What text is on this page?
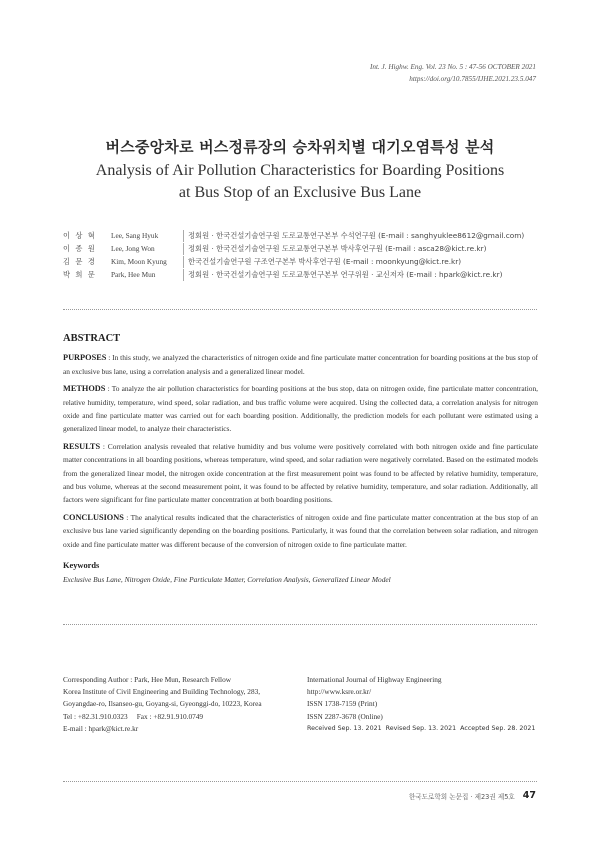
Int. J. Highw. Eng. Vol. 23 No. 5 : 47-56 OCTOBER 2021
https://doi.org/10.7855/IJHE.2021.23.5.047
버스중앙차로 버스정류장의 승차위치별 대기오염특성 분석
Analysis of Air Pollution Characteristics for Boarding Positions
at Bus Stop of an Exclusive Bus Lane
이 상 혁	Lee, Sang Hyuk	정회원 · 한국건설기술연구원 도로교통연구본부 수석연구원 (E-mail : sanghyuklee8612@gmail.com)
이 종 원	Lee, Jong Won	정회원 · 한국건설기술연구원 도로교통연구본부 박사후연구원 (E-mail : asca28@kict.re.kr)
김 문 경	Kim, Moon Kyung	한국건설기술연구원 구조연구본부 박사후연구원 (E-mail : moonkyung@kict.re.kr)
박 희 문	Park, Hee Mun	정회원 · 한국건설기술연구원 도로교통연구본부 연구위원 · 교신저자 (E-mail : hpark@kict.re.kr)
ABSTRACT

PURPOSES : In this study, we analyzed the characteristics of nitrogen oxide and fine particulate matter concentration for boarding positions at the bus stop of an exclusive bus lane, using a correlation analysis and a generalized linear model.

METHODS : To analyze the air pollution characteristics for boarding positions at the bus stop, data on nitrogen oxide, fine particulate matter concentration, relative humidity, temperature, wind speed, solar radiation, and bus traffic volume were acquired. Using the collected data, a correlation analysis for nitrogen oxide and fine particulate matter was carried out for each boarding position. Additionally, the prediction models for each pollutant were estimated using a generalized linear model, to analyze their characteristics.

RESULTS : Correlation analysis revealed that relative humidity and bus volume were positively correlated with both nitrogen oxide and fine particulate matter concentrations in all boarding positions, whereas temperature, wind speed, and solar radiation were negatively correlated. Based on the estimated models from the generalized linear model, the nitrogen oxide concentration at the first measurement point was found to be affected by relative humidity, temperature, and bus volume, whereas at the second measurement point, it was found to be affected by relative humidity, temperature, and solar radiation. Additionally, all factors were significant for fine particulate matter concentration at both boarding positions.

CONCLUSIONS : The analytical results indicated that the characteristics of nitrogen oxide and fine particulate matter concentration at the bus stop of an exclusive bus lane varied significantly depending on the boarding positions. Particularly, it was found that the correlation between solar radiation, and nitrogen oxide and fine particulate matter was different because of the conversion of nitrogen oxide to fine particulate matter.

Keywords
Exclusive Bus Lane, Nitrogen Oxide, Fine Particulate Matter, Correlation Analysis, Generalized Linear Model
Corresponding Author : Park, Hee Mun, Research Fellow
Korea Institute of Civil Engineering and Building Technology, 283,
Goyangdae-ro, Ilsanseo-gu, Goyang-si, Gyeonggi-do, 10223, Korea
Tel : +82.31.910.0323     Fax : +82.91.910.0749
E-mail : hpark@kict.re.kr
International Journal of Highway Engineering
http://www.ksre.or.kr/
ISSN 1738-7159 (Print)
ISSN 2287-3678 (Online)
Received Sep. 13. 2021 Revised Sep. 13. 2021 Accepted Sep. 28. 2021
한국도로학회 논문집 · 제23권 제5호 47
